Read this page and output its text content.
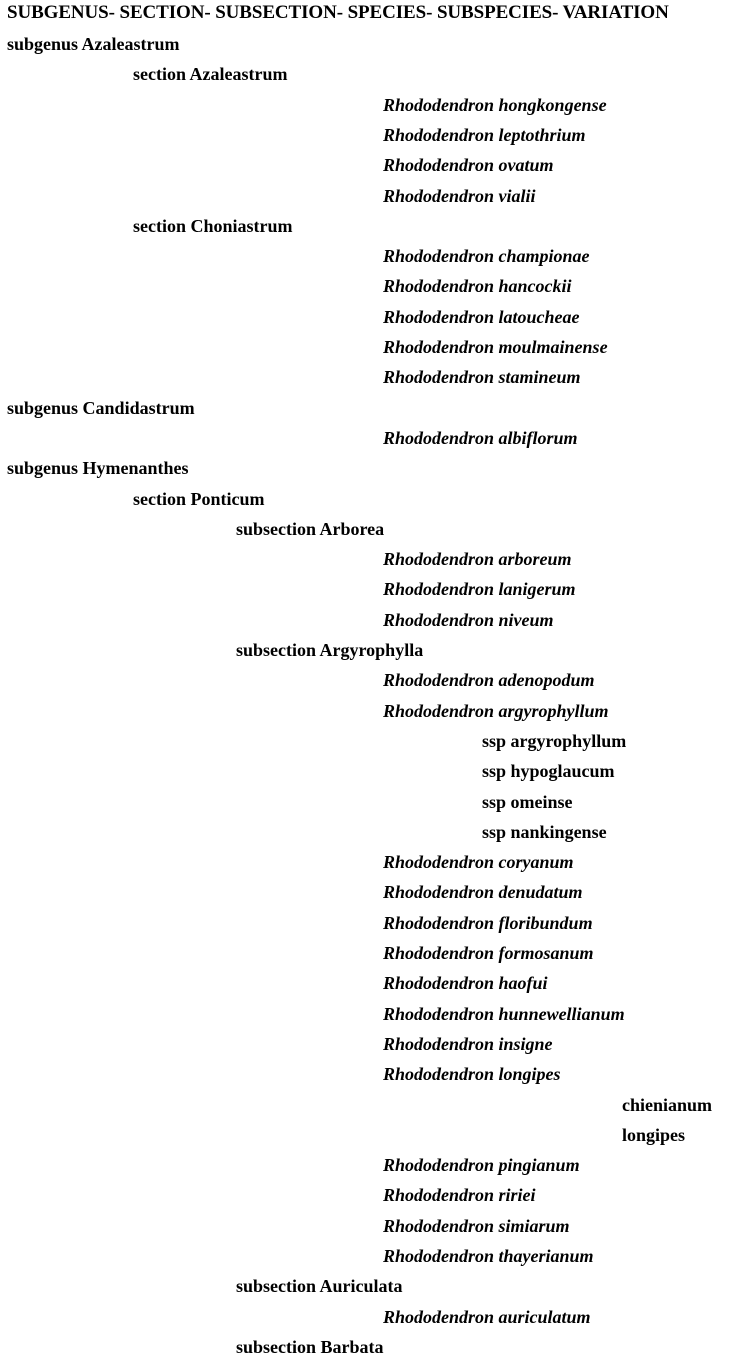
SUBGENUS- SECTION- SUBSECTION- SPECIES- SUBSPECIES- VARIATION
subgenus Azaleastrum
section Azaleastrum
Rhododendron hongkongense
Rhododendron leptothrium
Rhododendron ovatum
Rhododendron vialii
section Choniastrum
Rhododendron championae
Rhododendron hancockii
Rhododendron latoucheae
Rhododendron moulmainense
Rhododendron stamineum
subgenus Candidastrum
Rhododendron albiflorum
subgenus Hymenanthes
section Ponticum
subsection Arborea
Rhododendron arboreum
Rhododendron lanigerum
Rhododendron niveum
subsection Argyrophylla
Rhododendron adenopodum
Rhododendron argyrophyllum
ssp argyrophyllum
ssp hypoglaucum
ssp omeinse
ssp nankingense
Rhododendron coryanum
Rhododendron denudatum
Rhododendron floribundum
Rhododendron formosanum
Rhododendron haofui
Rhododendron hunnewellianum
Rhododendron insigne
Rhododendron longipes
chienianum
longipes
Rhododendron pingianum
Rhododendron ririei
Rhododendron simiarum
Rhododendron thayerianum
subsection Auriculata
Rhododendron auriculatum
subsection Barbata
